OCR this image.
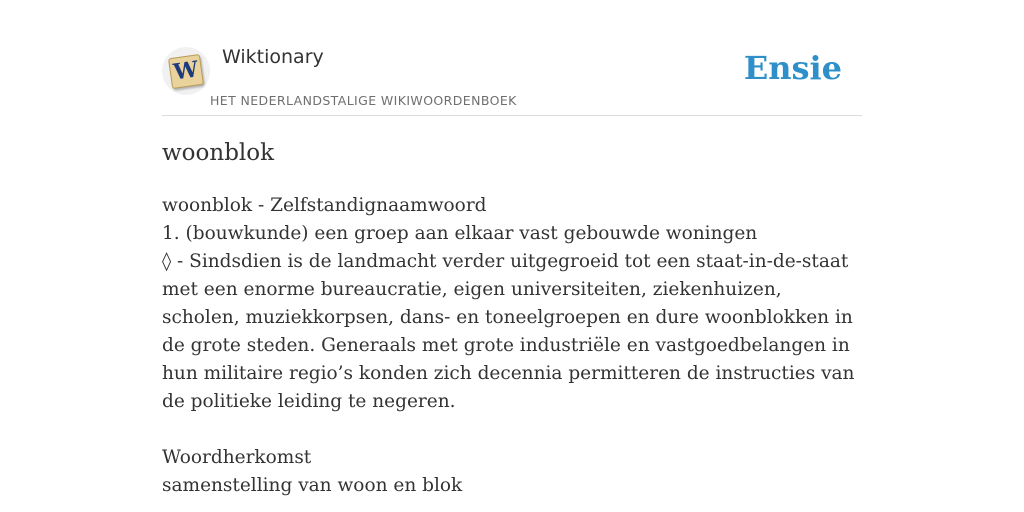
W Wiktionary
HET NEDERLANDSTALIGE WIKIWOORDENBOEK
Ensie
woonblok

woonblok - Zelfstandignaamwoord

1. (bouwkunde) een groep aan elkaar vast gebouwde woningen

◊ - Sindsdien is de landmacht verder uitgegroeid tot een staat-in-de-staat met een enorme bureaucratie, eigen universiteiten, ziekenhuizen, scholen, muziekkorpsen, dans- en toneelgroepen en dure woonblokken in de grote steden. Generaals met grote industriële en vastgoedbelangen in hun militaire regio’s konden zich decennia permitteren de instructies van de politieke leiding te negeren.

Woordherkomst

samenstelling van woon en blok
